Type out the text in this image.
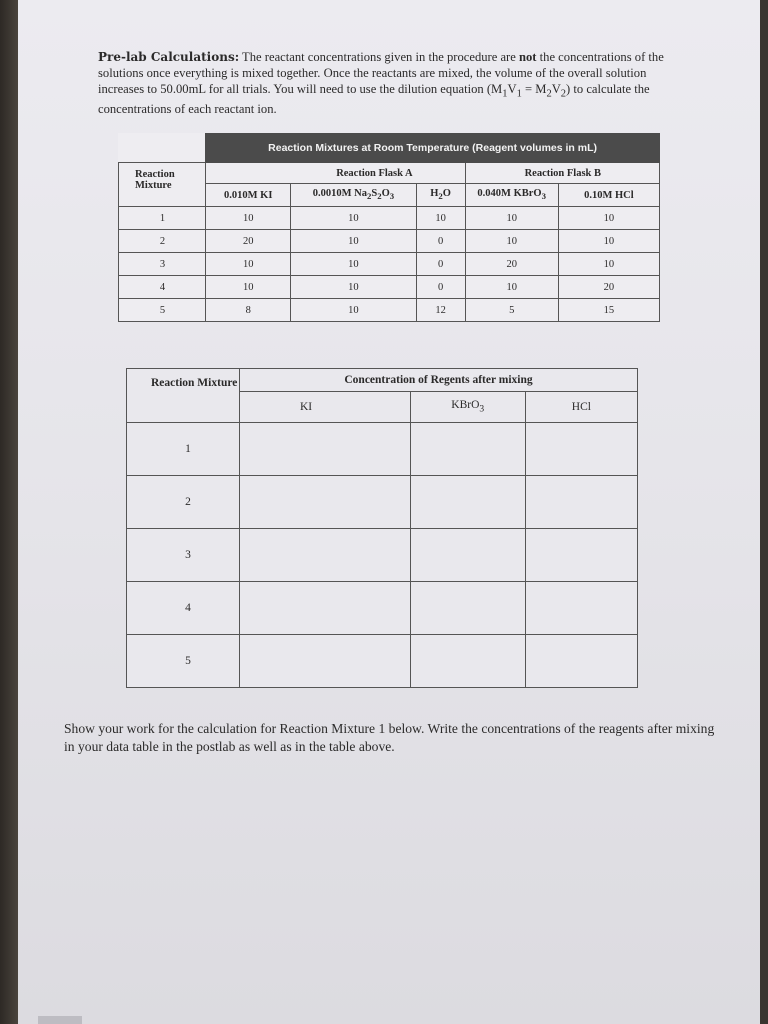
Pre-lab Calculations: The reactant concentrations given in the procedure are not the concentrations of the solutions once everything is mixed together. Once the reactants are mixed, the volume of the overall solution increases to 50.00mL for all trials. You will need to use the dilution equation $(M_1V_1 = M_2V_2)$ to calculate the concentrations of each reactant ion.
	Reaction Mixtures at Room Temperature (Reagent volumes in mL)				
Reaction Mixture	Reaction Flask A			Reaction Flask B	
	0.010M KI	0.0010M $Na_2S_2O_3$	$H_2O$	0.040M KBrO$_3$	0.10M HCl
1	10	10	10	10	10
2	20	10	0	10	10
3	10	10	0	20	10
4	10	10	0	10	20
5	8	10	12	5	15
Reaction Mixture	Concentration of Regents after mixing		
	KI	KBrO$_3$	HCl
1			
2			
3			
4			
5			
Show your work for the calculation for Reaction Mixture 1 below. Write the concentrations of the reagents after mixing in your data table in the postlab as well as in the table above.
